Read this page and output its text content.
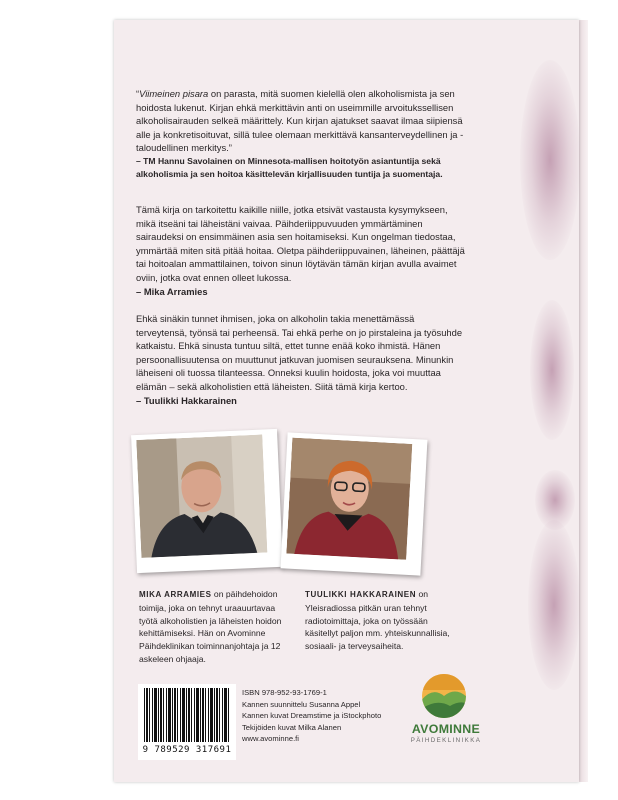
“Viimeinen pisara on parasta, mitä suomen kielellä olen alkoholismista ja sen hoidosta lukenut. Kirjan ehkä merkittävin anti on useimmille arvoitukssellisen alkoholisairauden selkeä määrittely. Kun kirjan ajatukset saavat ilmaa siipiensä alle ja konkretisoituvat, sillä tulee olemaan merkittävä kansanterveydellinen ja -taloudellinen merkitys.”

– TM Hannu Savolainen on Minnesota-mallisen hoitotyön asiantuntija sekä alkoholismia ja sen hoitoa käsittelevän kirjallisuuden tuntija ja suomentaja.

Tämä kirja on tarkoitettu kaikille niille, jotka etsivät vastausta kysymykseen, mikä itseäni tai läheistäni vaivaa. Päihderiippuvuuden ymmärtäminen sairaudeksi on ensimmäinen asia sen hoitamiseksi. Kun ongelman tiedostaa, ymmärtää miten sitä pitää hoitaa. Oletpa päihderiippuvainen, läheinen, päättäjä tai hoitoalan ammattilainen, toivon sinun löytävän tämän kirjan avulla avaimet oviin, jotka ovat ennen olleet lukossa.

– Mika Arramies

Ehkä sinäkin tunnet ihmisen, joka on alkoholin takia menettämässä terveytensä, työnsä tai perheensä. Tai ehkä perhe on jo pirstaleina ja työsuhde katkaistu. Ehkä sinusta tuntuu siltä, ettet tunne enää koko ihmistä. Hänen persoonallisuutensa on muuttunut jatkuvan juomisen seurauksena. Minunkin läheiseni oli tuossa tilanteessa. Onneksi kuulin hoidosta, joka voi muuttaa elämän – sekä alkoholistien että läheisten. Siitä tämä kirja kertoo.

– Tuulikki Hakkarainen

MIKA ARRAMIES on päihdehoidon toimija, joka on tehnyt uraauurtavaa työtä alkoholistien ja läheisten hoidon kehittämiseksi. Hän on Avominne Päihdeklinikan toiminnanjohtaja ja 12 askeleen ohjaaja.
TUULIKKI HAKKARAINEN on Yleisradiossa pitkän uran tehnyt radiotoimittaja, joka on työssään käsitellyt paljon mm. yhteiskunnallisia, sosiaali- ja terveysaiheita.
9 789529 317691
ISBN 978-952-93-1769-1
Kannen suunnittelu Susanna Appel
Kannen kuvat Dreamstime ja iStockphoto
Tekijöiden kuvat Milka Alanen
www.avominne.fi
AVOMINNE
PÄIHDEKLINIKKA
